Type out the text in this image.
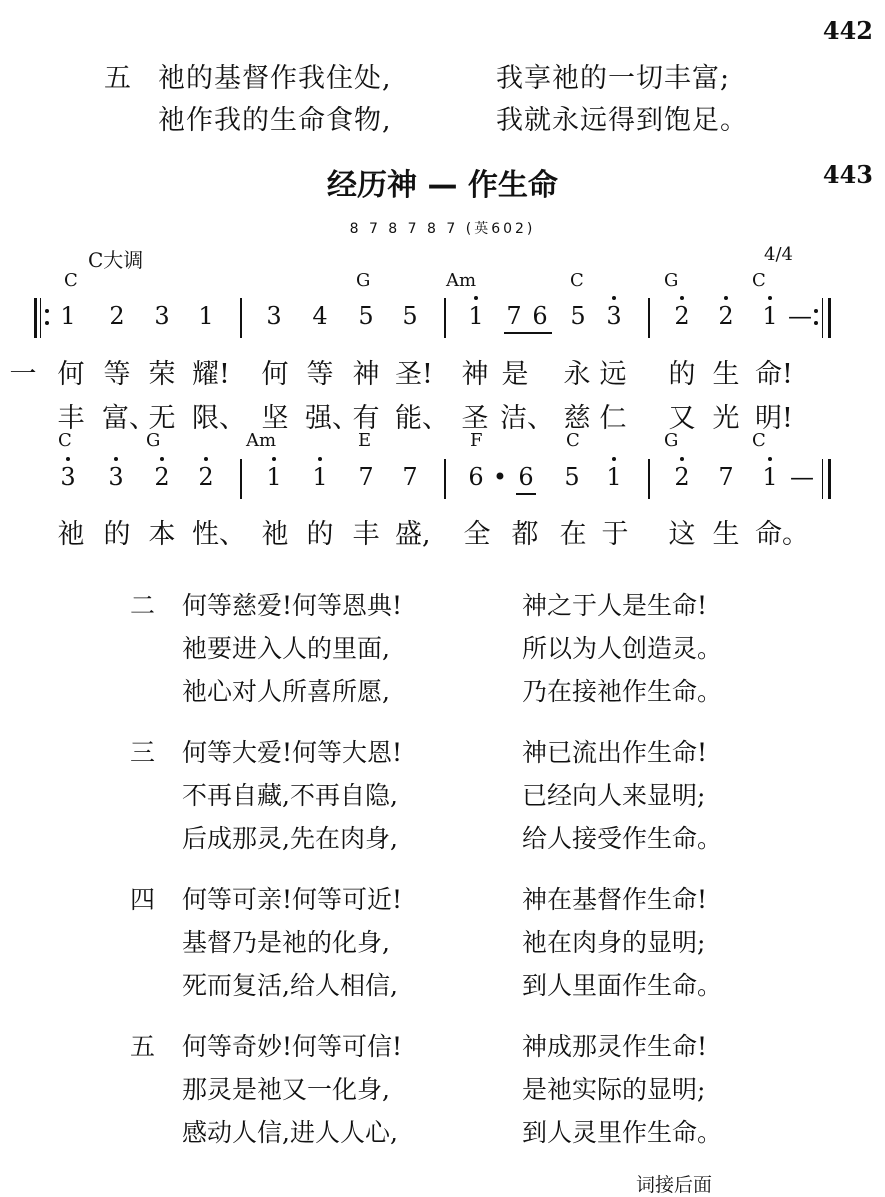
442
443
五 祂的基督作我住处,	我享祂的一切丰富;
祂作我的生命食物,	我就永远得到饱足。
经历神 — 作生命
8 7 8 7 8 7 (英602)
C大调	4/4
C	G	Am	C	G	C
1 2 3 1 3 4 5 5 1 7 6 5 3 2 2 1 —
一 何 等 荣 耀! 何 等 神 圣! 神 是 永 远 的 生 命!
丰 富、
无 限、 坚 强、
有 能、 圣 洁、 慈 仁 又 光 明!
C	G	Am	E	F	C	G	C
3 3 2 2 1 1 7 7 6 • 6 5 1 2 7 1 —
祂 的 本 性、 祂 的 丰 盛, 全 都 在 于 这 生 命。
二 何等慈爱!何等恩典!	神之于人是生命!
祂要进入人的里面,	所以为人创造灵。
祂心对人所喜所愿,	乃在接祂作生命。
三 何等大爱!何等大恩!	神已流出作生命!
不再自藏,不再自隐,	已经向人来显明;
后成那灵,先在肉身,	给人接受作生命。
四 何等可亲!何等可近!	神在基督作生命!
基督乃是祂的化身,	祂在肉身的显明;
死而复活,给人相信,	到人里面作生命。
五 何等奇妙!何等可信!	神成那灵作生命!
那灵是祂又一化身,	是祂实际的显明;
感动人信,进人人心,	到人灵里作生命。
词接后面
